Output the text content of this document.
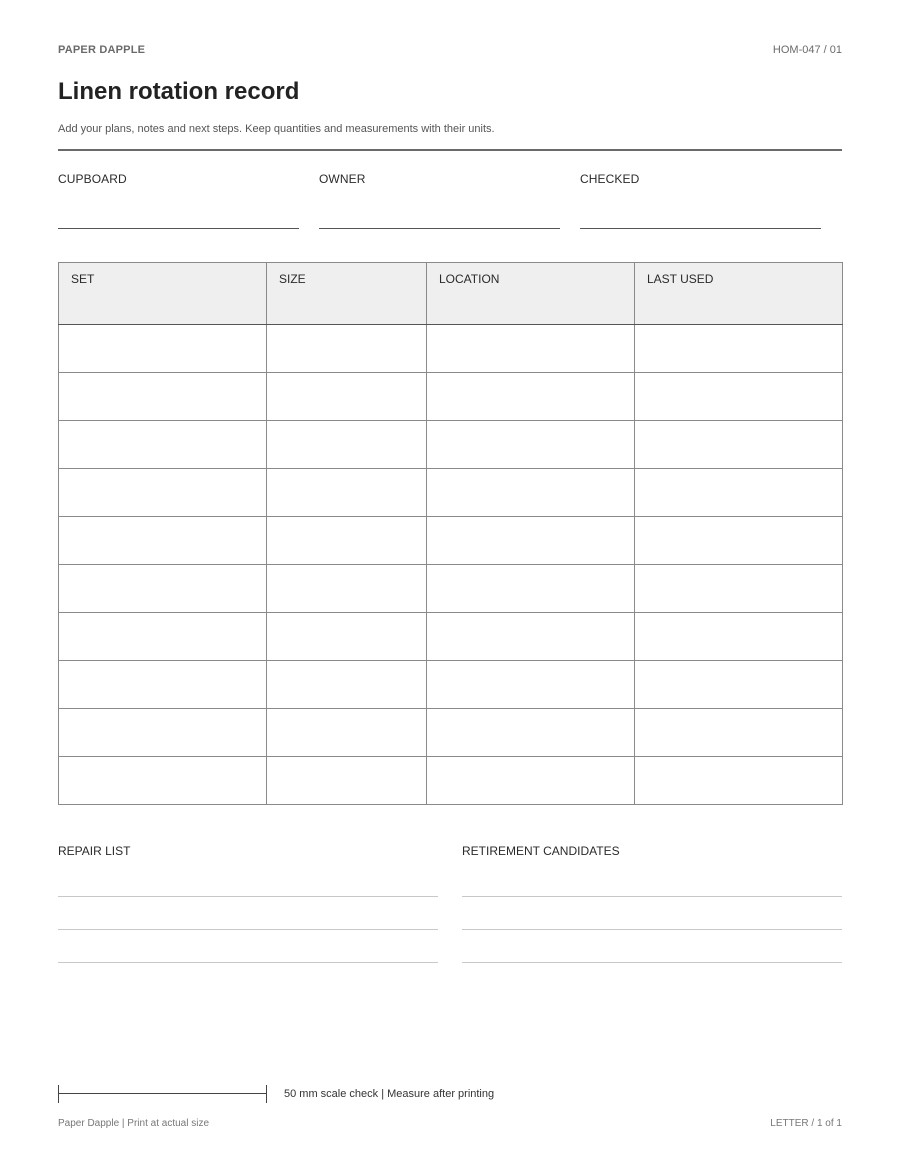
PAPER DAPPLE	HOM-047 / 01
Linen rotation record
Add your plans, notes and next steps. Keep quantities and measurements with their units.
CUPBOARD	OWNER	CHECKED
SET	SIZE	LOCATION	LAST USED

REPAIR LIST	RETIREMENT CANDIDATES
50 mm scale check | Measure after printing
Paper Dapple | Print at actual size	LETTER / 1 of 1
